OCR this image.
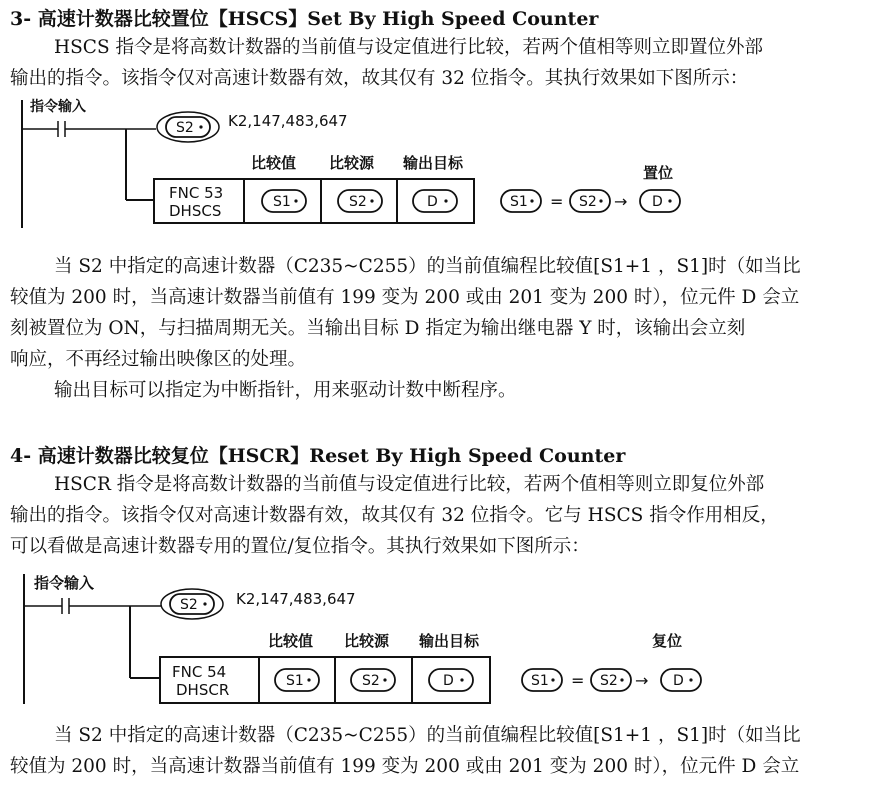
3- 高速计数器比较置位【HSCS】Set By High Speed Counter
HSCS 指令是将高数计数器的当前值与设定值进行比较，若两个值相等则立即置位外部
输出的指令。该指令仅对高速计数器有效，故其仅有 32 位指令。其执行效果如下图所示：
指令输入
S2 K2,147,483,647
比较值 比较源 输出目标
FNC 53
DHSCS	S1	S2	D
置位
S1 = S2 → D
当 S2 中指定的高速计数器（C235~C255）的当前值编程比较值[S1+1 ，S1]时（如当比
较值为 200 时，当高速计数器当前值有 199 变为 200 或由 201 变为 200 时），位元件 D 会立
刻被置位为 ON，与扫描周期无关。当输出目标 D 指定为输出继电器 Y 时，该输出会立刻
响应，不再经过输出映像区的处理。
输出目标可以指定为中断指针，用来驱动计数中断程序。
4- 高速计数器比较复位【HSCR】Reset By High Speed Counter
HSCR 指令是将高数计数器的当前值与设定值进行比较，若两个值相等则立即复位外部
输出的指令。该指令仅对高速计数器有效，故其仅有 32 位指令。它与 HSCS 指令作用相反，
可以看做是高速计数器专用的置位/复位指令。其执行效果如下图所示：
指令输入
S2	K2,147,483,647
比较值 比较源 输出目标
FNC 54
DHSCR	S1	S2	D
复位
S1 = S2 → D
当 S2 中指定的高速计数器（C235~C255）的当前值编程比较值[S1+1 ，S1]时（如当比
较值为 200 时，当高速计数器当前值有 199 变为 200 或由 201 变为 200 时），位元件 D 会立
